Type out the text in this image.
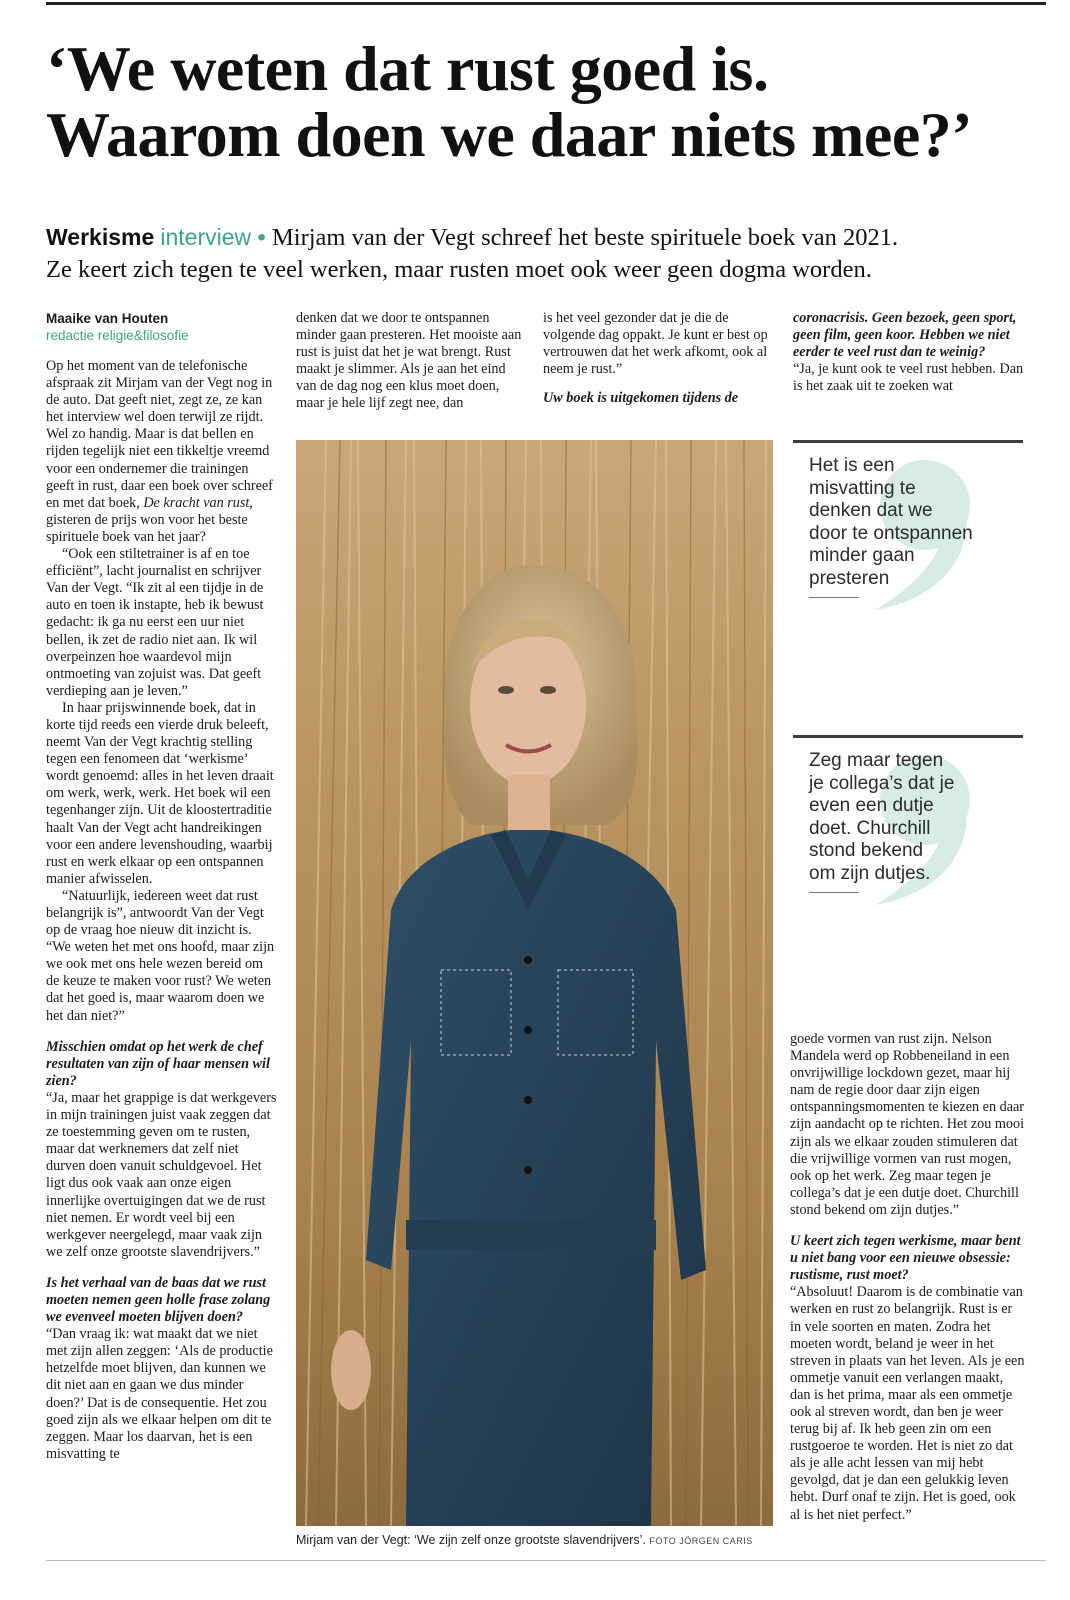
‘We weten dat rust goed is.
Waarom doen we daar niets mee?’
Werkisme interview • Mirjam van der Vegt schreef het beste spirituele boek van 2021.
Ze keert zich tegen te veel werken, maar rusten moet ook weer geen dogma worden.
Maaike van Houten
redactie religie&filosofie

Op het moment van de telefonische afspraak zit Mirjam van der Vegt nog in de auto. Dat geeft niet, zegt ze, ze kan het interview wel doen terwijl ze rijdt. Wel zo handig. Maar is dat bellen en rijden tegelijk niet een tikkeltje vreemd voor een ondernemer die trainingen geeft in rust, daar een boek over schreef en met dat boek, De kracht van rust, gisteren de prijs won voor het beste spirituele boek van het jaar?

“Ook een stiltetrainer is af en toe efficiënt”, lacht journalist en schrijver Van der Vegt. “Ik zit al een tijdje in de auto en toen ik instapte, heb ik bewust gedacht: ik ga nu eerst een uur niet bellen, ik zet de radio niet aan. Ik wil overpeinzen hoe waardevol mijn ontmoeting van zojuist was. Dat geeft verdieping aan je leven.”

In haar prijswinnende boek, dat in korte tijd reeds een vierde druk beleeft, neemt Van der Vegt krachtig stelling tegen een fenomeen dat ‘werkisme’ wordt genoemd: alles in het leven draait om werk, werk, werk. Het boek wil een tegenhanger zijn. Uit de kloostertraditie haalt Van der Vegt acht handreikingen voor een andere levenshouding, waarbij rust en werk elkaar op een ontspannen manier afwisselen.

“Natuurlijk, iedereen weet dat rust belangrijk is”, antwoordt Van der Vegt op de vraag hoe nieuw dit inzicht is. “We weten het met ons hoofd, maar zijn we ook met ons hele wezen bereid om de keuze te maken voor rust? We weten dat het goed is, maar waarom doen we het dan niet?”

Misschien omdat op het werk de chef resultaten van zijn of haar mensen wil zien?

“Ja, maar het grappige is dat werkgevers in mijn trainingen juist vaak zeggen dat ze toestemming geven om te rusten, maar dat werknemers dat zelf niet durven doen vanuit schuldgevoel. Het ligt dus ook vaak aan onze eigen innerlijke overtuigingen dat we de rust niet nemen. Er wordt veel bij een werkgever neergelegd, maar vaak zijn we zelf onze grootste slavendrijvers.”

Is het verhaal van de baas dat we rust moeten nemen geen holle frase zolang we evenveel moeten blijven doen?

“Dan vraag ik: wat maakt dat we niet met zijn allen zeggen: ‘Als de productie hetzelfde moet blijven, dan kunnen we dit niet aan en gaan we dus minder doen?’ Dat is de consequentie. Het zou goed zijn als we elkaar helpen om dit te zeggen. Maar los daarvan, het is een misvatting te

denken dat we door te ontspannen minder gaan presteren. Het mooiste aan rust is juist dat het je wat brengt. Rust maakt je slimmer. Als je aan het eind van de dag nog een klus moet doen, maar je hele lijf zegt nee, dan

is het veel gezonder dat je die de volgende dag oppakt. Je kunt er best op vertrouwen dat het werk afkomt, ook al neem je rust.”

Uw boek is uitgekomen tijdens de

coronacrisis. Geen bezoek, geen sport, geen film, geen koor. Hebben we niet eerder te veel rust dan te weinig?

“Ja, je kunt ook te veel rust hebben. Dan is het zaak uit te zoeken wat

Mirjam van der Vegt: ‘We zijn zelf onze grootste slavendrijvers’. FOTO JÖRGEN CARIS
Het is een
misvatting te
denken dat we
door te ontspannen
minder gaan
presteren
Zeg maar tegen
je collega’s dat je
even een dutje
doet. Churchill
stond bekend
om zijn dutjes.

goede vormen van rust zijn. Nelson Mandela werd op Robbeneiland in een onvrijwillige lockdown gezet, maar hij nam de regie door daar zijn eigen ontspanningsmomenten te kiezen en daar zijn aandacht op te richten. Het zou mooi zijn als we elkaar zouden stimuleren dat die vrijwillige vormen van rust mogen, ook op het werk. Zeg maar tegen je collega’s dat je een dutje doet. Churchill stond bekend om zijn dutjes.”

U keert zich tegen werkisme, maar bent u niet bang voor een nieuwe obsessie: rustisme, rust moet?

“Absoluut! Daarom is de combinatie van werken en rust zo belangrijk. Rust is er in vele soorten en maten. Zodra het moeten wordt, beland je weer in het streven in plaats van het leven. Als je een ommetje vanuit een verlangen maakt, dan is het prima, maar als een ommetje ook al streven wordt, dan ben je weer terug bij af. Ik heb geen zin om een rustgoeroe te worden. Het is niet zo dat als je alle acht lessen van mij hebt gevolgd, dat je dan een gelukkig leven hebt. Durf onaf te zijn. Het is goed, ook al is het niet perfect.”
